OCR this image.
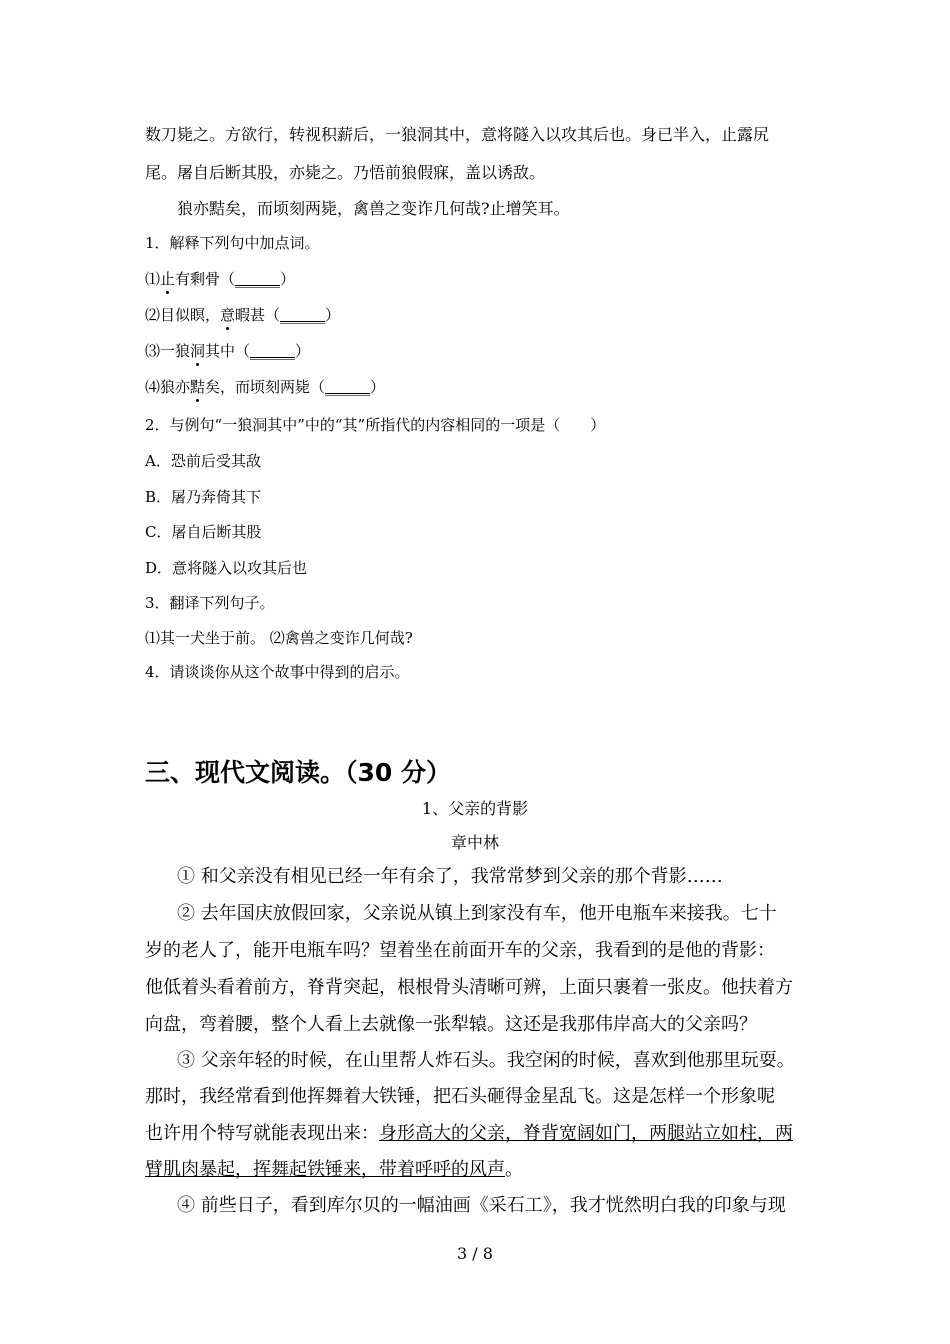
数刀毙之。方欲行，转视积薪后，一狼洞其中，意将隧入以攻其后也。身已半入，止露尻
尾。屠自后断其股，亦毙之。乃悟前狼假寐，盖以诱敌。
狼亦黠矣，而顷刻两毙，禽兽之变诈几何哉?止增笑耳。
1．解释下列句中加点词。
⑴止有剩骨（______）
⑵目似瞑，意暇甚（______）
⑶一狼洞其中（______）
⑷狼亦黠矣，而顷刻两毙（______）
2．与例句“一狼洞其中”中的“其”所指代的内容相同的一项是（　　）
A．恐前后受其敌
B．屠乃奔倚其下
C．屠自后断其股
D．意将隧入以攻其后也
3．翻译下列句子。
⑴其一犬坐于前。 ⑵禽兽之变诈几何哉?
4．请谈谈你从这个故事中得到的启示。
三、现代文阅读。（30 分）
1、父亲的背影
章中林
① 和父亲没有相见已经一年有余了，我常常梦到父亲的那个背影……
② 去年国庆放假回家，父亲说从镇上到家没有车，他开电瓶车来接我。七十
岁的老人了，能开电瓶车吗？望着坐在前面开车的父亲，我看到的是他的背影：
他低着头看着前方，脊背突起，根根骨头清晰可辨，上面只裹着一张皮。他扶着方
向盘，弯着腰，整个人看上去就像一张犁辕。这还是我那伟岸高大的父亲吗？
③ 父亲年轻的时候，在山里帮人炸石头。我空闲的时候，喜欢到他那里玩耍。
那时，我经常看到他挥舞着大铁锤，把石头砸得金星乱飞。这是怎样一个形象呢
也许用个特写就能表现出来：身形高大的父亲，脊背宽阔如门，两腿站立如柱，两
臂肌肉暴起，挥舞起铁锤来，带着呼呼的风声。
④ 前些日子，看到库尔贝的一幅油画《采石工》，我才恍然明白我的印象与现
3 / 8
